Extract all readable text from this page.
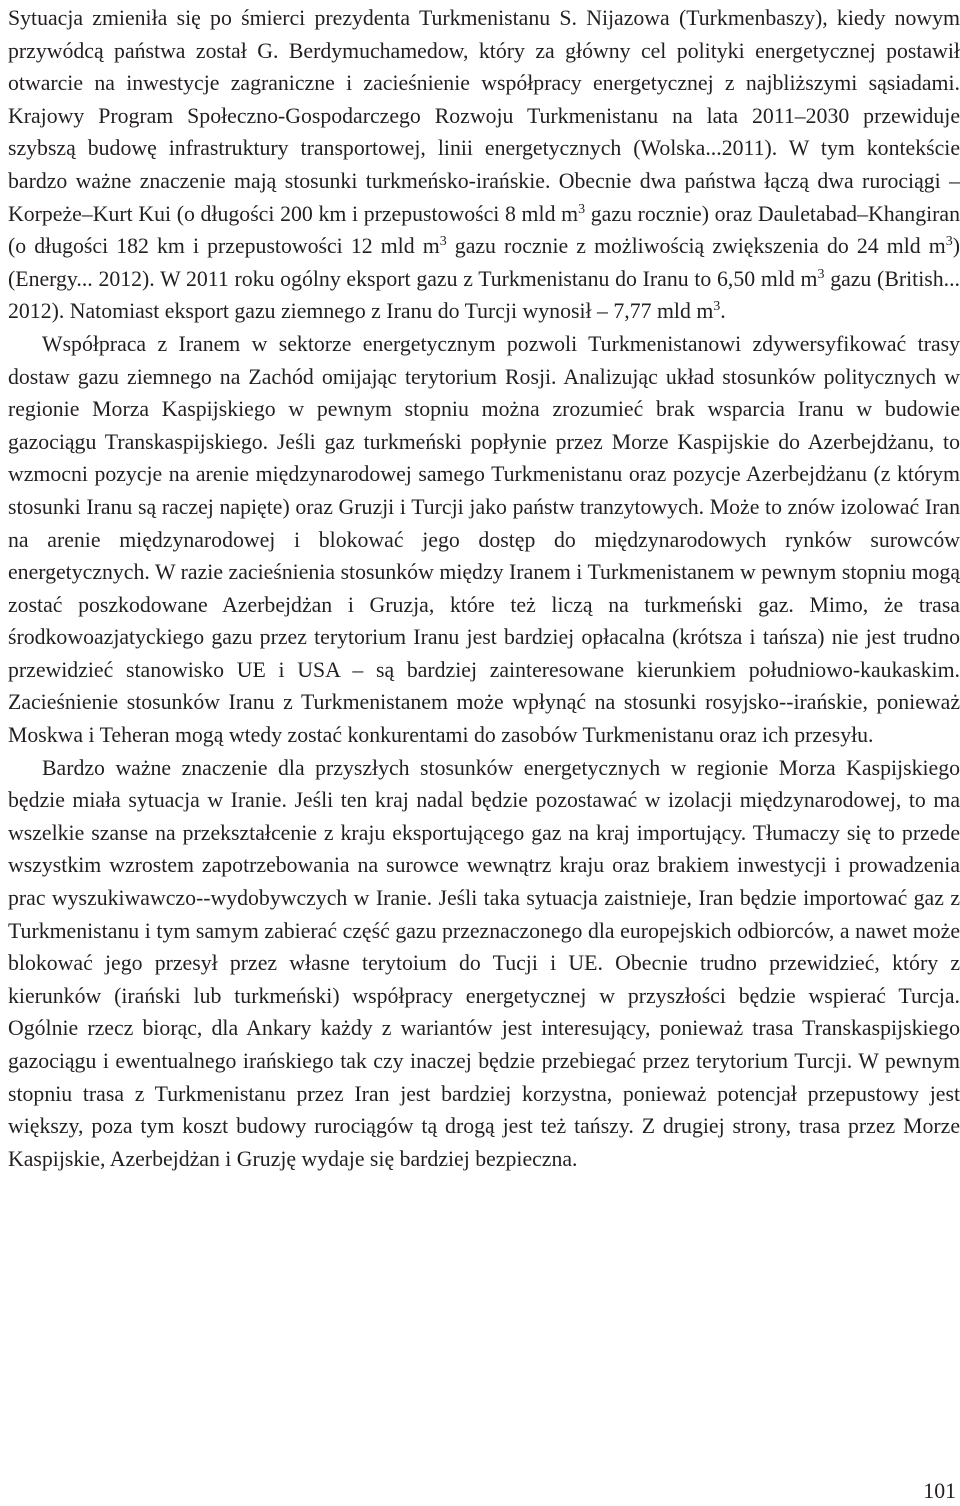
Sytuacja zmieniła się po śmierci prezydenta Turkmenistanu S. Nijazowa (Turkmenbaszy), kiedy nowym przywódcą państwa został G. Berdymuchamedow, który za główny cel polityki energetycznej postawił otwarcie na inwestycje zagraniczne i zacieśnienie współpracy energetycznej z najbliższymi sąsiadami. Krajowy Program Społeczno-Gospodarczego Rozwoju Turkmenistanu na lata 2011–2030 przewiduje szybszą budowę infrastruktury transportowej, linii energetycznych (Wolska...2011). W tym kontekście bardzo ważne znaczenie mają stosunki turkmeńsko-irańskie. Obecnie dwa państwa łączą dwa rurociągi – Korpeże–Kurt Kui (o długości 200 km i przepustowości 8 mld $m^3$ gazu rocznie) oraz Dauletabad–Khangiran (o długości 182 km i przepustowości 12 mld $m^3$ gazu rocznie z możliwością zwiększenia do 24 mld $m^3$) (Energy... 2012). W 2011 roku ogólny eksport gazu z Turkmenistanu do Iranu to 6,50 mld $m^3$ gazu (British... 2012). Natomiast eksport gazu ziemnego z Iranu do Turcji wynosił – 7,77 mld $m^3$.

Współpraca z Iranem w sektorze energetycznym pozwoli Turkmenistanowi zdywersyfikować trasy dostaw gazu ziemnego na Zachód omijając terytorium Rosji. Analizując układ stosunków politycznych w regionie Morza Kaspijskiego w pewnym stopniu można zrozumieć brak wsparcia Iranu w budowie gazociągu Transkaspijskiego. Jeśli gaz turkmeński popłynie przez Morze Kaspijskie do Azerbejdżanu, to wzmocni pozycje na arenie międzynarodowej samego Turkmenistanu oraz pozycje Azerbejdżanu (z którym stosunki Iranu są raczej napięte) oraz Gruzji i Turcji jako państw tranzytowych. Może to znów izolować Iran na arenie międzynarodowej i blokować jego dostęp do międzynarodowych rynków surowców energetycznych. W razie zacieśnienia stosunków między Iranem i Turkmenistanem w pewnym stopniu mogą zostać poszkodowane Azerbejdżan i Gruzja, które też liczą na turkmeński gaz. Mimo, że trasa środkowoazjatyckiego gazu przez terytorium Iranu jest bardziej opłacalna (krótsza i tańsza) nie jest trudno przewidzieć stanowisko UE i USA – są bardziej zainteresowane kierunkiem południowo-kaukaskim. Zacieśnienie stosunków Iranu z Turkmenistanem może wpłynąć na stosunki rosyjsko--irańskie, ponieważ Moskwa i Teheran mogą wtedy zostać konkurentami do zasobów Turkmenistanu oraz ich przesyłu.

Bardzo ważne znaczenie dla przyszłych stosunków energetycznych w regionie Morza Kaspijskiego będzie miała sytuacja w Iranie. Jeśli ten kraj nadal będzie pozostawać w izolacji międzynarodowej, to ma wszelkie szanse na przekształcenie z kraju eksportującego gaz na kraj importujący. Tłumaczy się to przede wszystkim wzrostem zapotrzebowania na surowce wewnątrz kraju oraz brakiem inwestycji i prowadzenia prac wyszukiwawczo--wydobywczych w Iranie. Jeśli taka sytuacja zaistnieje, Iran będzie importować gaz z Turkmenistanu i tym samym zabierać część gazu przeznaczonego dla europejskich odbiorców, a nawet może blokować jego przesył przez własne terytoium do Tucji i UE. Obecnie trudno przewidzieć, który z kierunków (irański lub turkmeński) współpracy energetycznej w przyszłości będzie wspierać Turcja. Ogólnie rzecz biorąc, dla Ankary każdy z wariantów jest interesujący, ponieważ trasa Transkaspijskiego gazociągu i ewentualnego irańskiego tak czy inaczej będzie przebiegać przez terytorium Turcji. W pewnym stopniu trasa z Turkmenistanu przez Iran jest bardziej korzystna, ponieważ potencjał przepustowy jest większy, poza tym koszt budowy rurociągów tą drogą jest też tańszy. Z drugiej strony, trasa przez Morze Kaspijskie, Azerbejdżan i Gruzję wydaje się bardziej bezpieczna.

101
